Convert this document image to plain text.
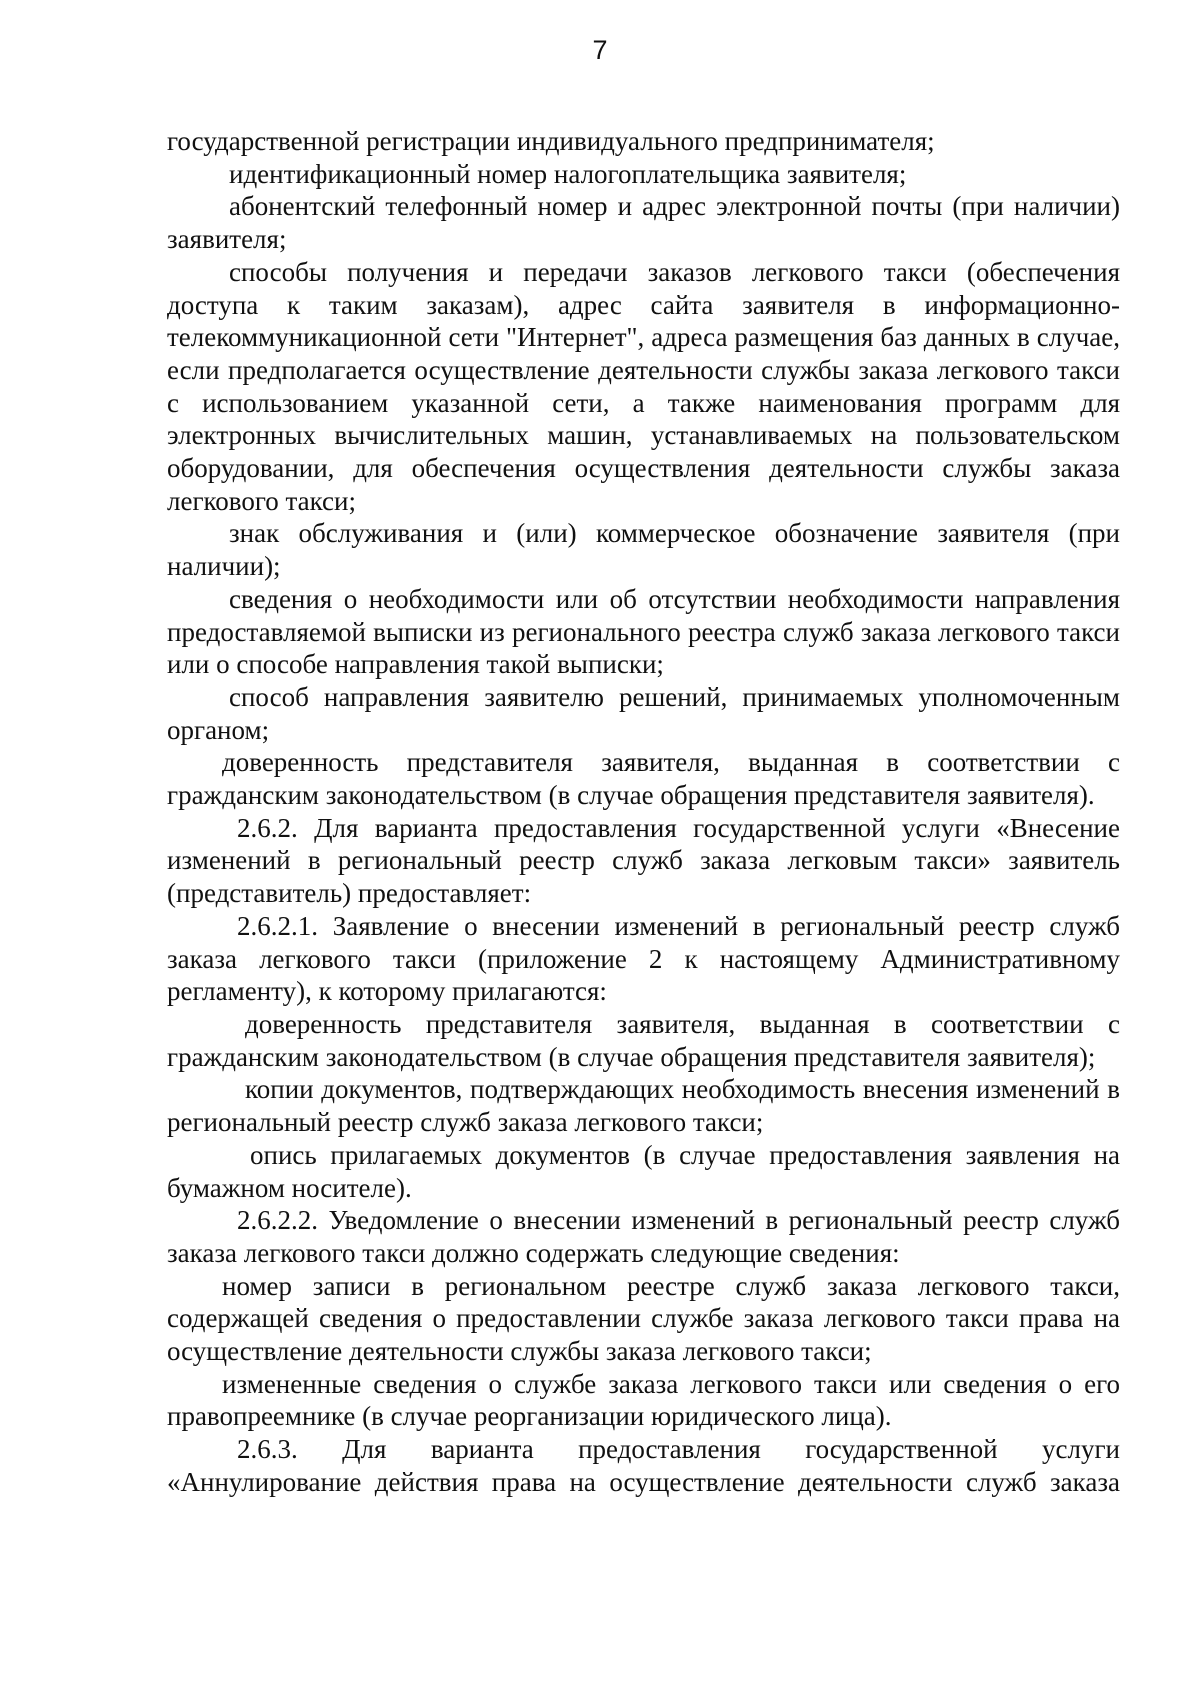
7

государственной регистрации индивидуального предпринимателя;

идентификационный номер налогоплательщика заявителя;

абонентский телефонный номер и адрес электронной почты (при наличии) заявителя;

способы получения и передачи заказов легкового такси (обеспечения доступа к таким заказам), адрес сайта заявителя в информационно-телекоммуникационной сети "Интернет", адреса размещения баз данных в случае, если предполагается осуществление деятельности службы заказа легкового такси с использованием указанной сети, а также наименования программ для электронных вычислительных машин, устанавливаемых на пользовательском оборудовании, для обеспечения осуществления деятельности службы заказа легкового такси;

знак обслуживания и (или) коммерческое обозначение заявителя (при наличии);

сведения о необходимости или об отсутствии необходимости направления предоставляемой выписки из регионального реестра служб заказа легкового такси или о способе направления такой выписки;

способ направления заявителю решений, принимаемых уполномоченным органом;

доверенность представителя заявителя, выданная в соответствии с гражданским законодательством (в случае обращения представителя заявителя).

2.6.2. Для варианта предоставления государственной услуги «Внесение изменений в региональный реестр служб заказа легковым такси» заявитель (представитель) предоставляет:

2.6.2.1. Заявление о внесении изменений в региональный реестр служб заказа легкового такси (приложение 2 к настоящему Административному регламенту), к которому прилагаются:

доверенность представителя заявителя, выданная в соответствии с гражданским законодательством (в случае обращения представителя заявителя);

копии документов, подтверждающих необходимость внесения изменений в региональный реестр служб заказа легкового такси;

опись прилагаемых документов (в случае предоставления заявления на бумажном носителе).

2.6.2.2. Уведомление о внесении изменений в региональный реестр служб заказа легкового такси должно содержать следующие сведения:

номер записи в региональном реестре служб заказа легкового такси, содержащей сведения о предоставлении службе заказа легкового такси права на осуществление деятельности службы заказа легкового такси;

измененные сведения о службе заказа легкового такси или сведения о его правопреемнике (в случае реорганизации юридического лица).

2.6.3. Для варианта предоставления государственной услуги «Аннулирование действия права на осуществление деятельности служб заказа
